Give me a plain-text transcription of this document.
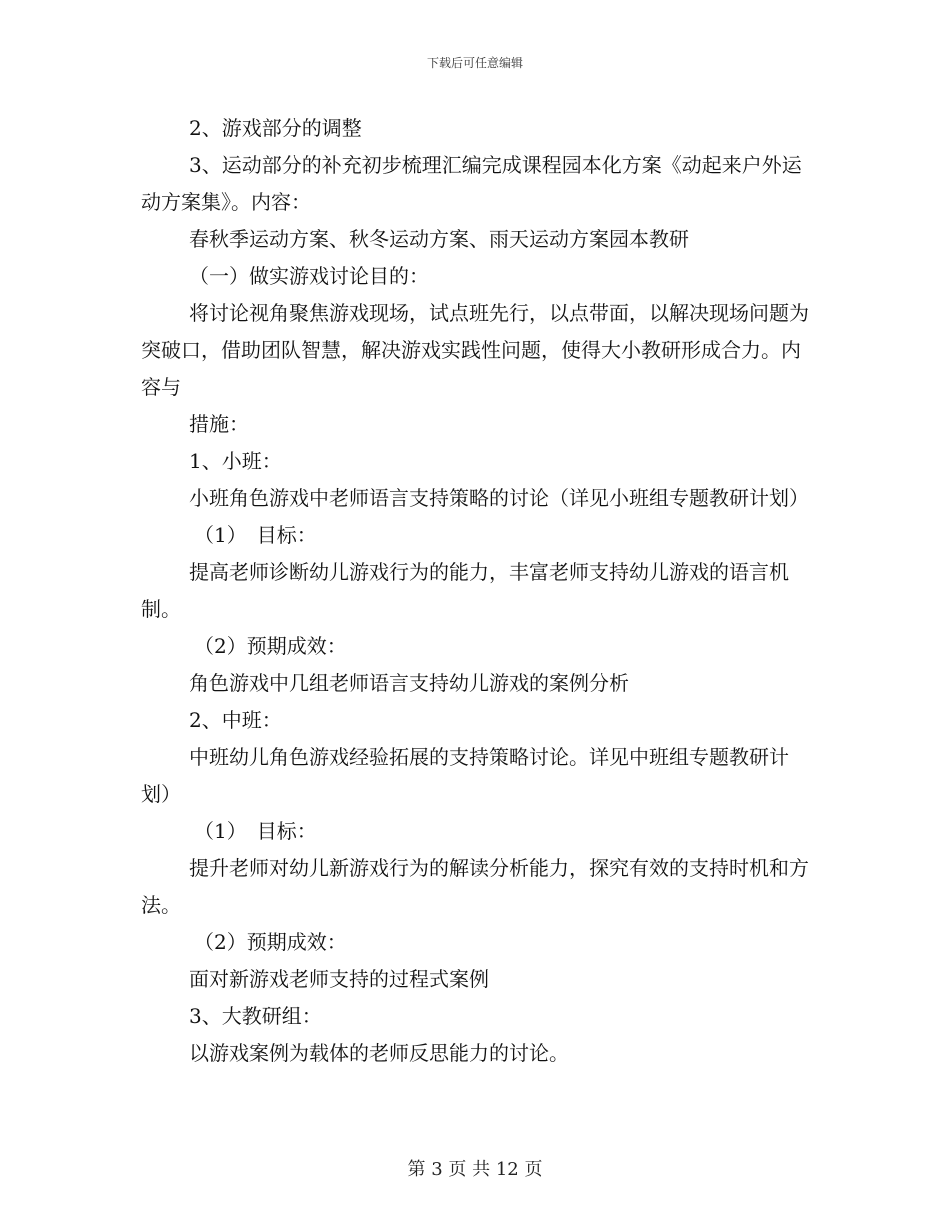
下载后可任意编辑

2、游戏部分的调整

3、运动部分的补充初步梳理汇编完成课程园本化方案《动起来户外运动方案集》。内容：

春秋季运动方案、秋冬运动方案、雨天运动方案园本教研

（一）做实游戏讨论目的：

将讨论视角聚焦游戏现场，试点班先行，以点带面，以解决现场问题为突破口，借助团队智慧，解决游戏实践性问题，使得大小教研形成合力。内容与

措施：

1、小班：

小班角色游戏中老师语言支持策略的讨论（详见小班组专题教研计划）

（1）　目标：

提高老师诊断幼儿游戏行为的能力，丰富老师支持幼儿游戏的语言机制。

（2）预期成效：

角色游戏中几组老师语言支持幼儿游戏的案例分析

2、中班：

中班幼儿角色游戏经验拓展的支持策略讨论。详见中班组专题教研计划）

（1）　目标：

提升老师对幼儿新游戏行为的解读分析能力，探究有效的支持时机和方法。

（2）预期成效：

面对新游戏老师支持的过程式案例

3、大教研组：

以游戏案例为载体的老师反思能力的讨论。

第 3 页 共 12 页
